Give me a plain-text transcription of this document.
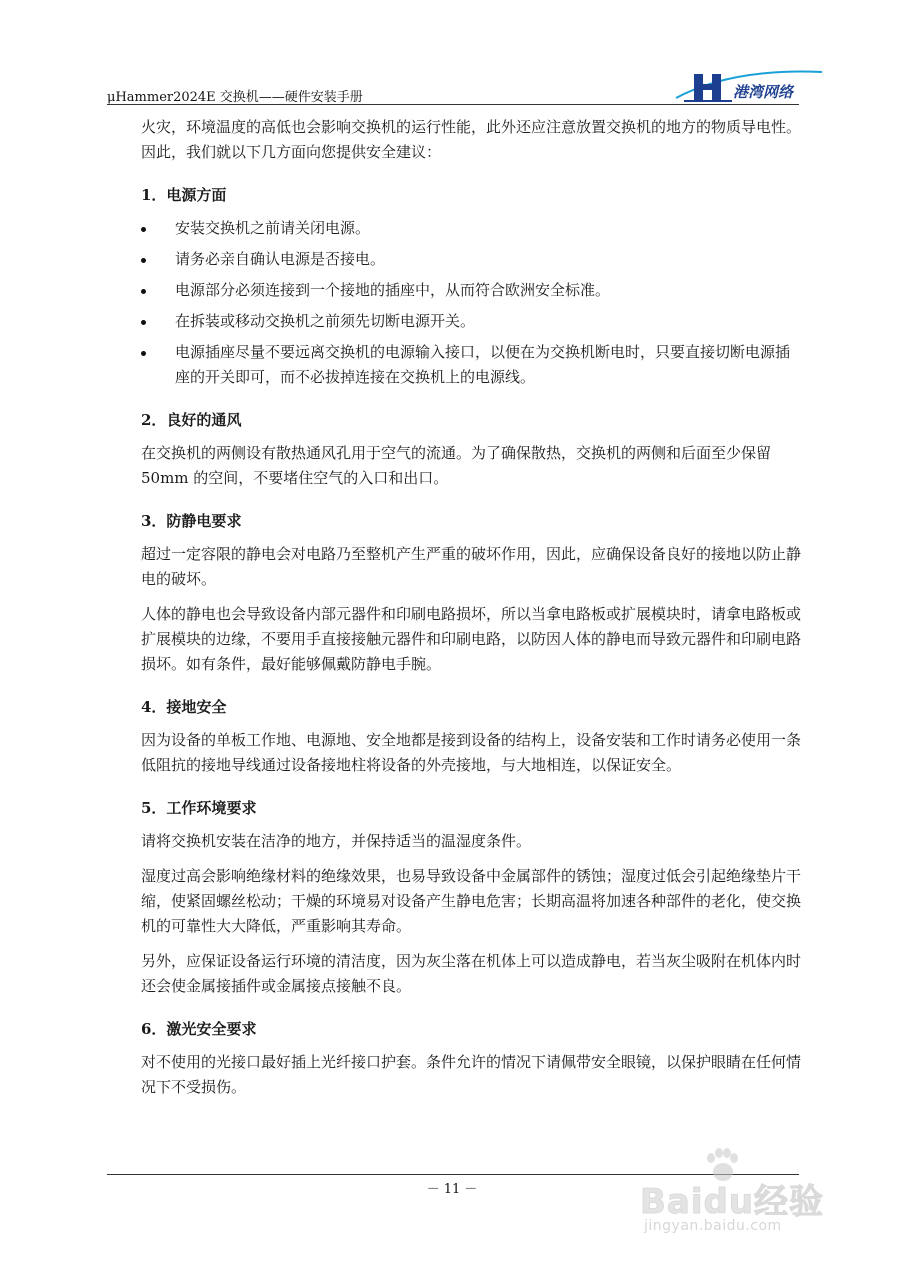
μHammer2024E 交换机——硬件安装手册	港湾网络

火灾，环境温度的高低也会影响交换机的运行性能，此外还应注意放置交换机的地方的物质导电性。因此，我们就以下几方面向您提供安全建议：

1．电源方面

安装交换机之前请关闭电源。
请务必亲自确认电源是否接电。
电源部分必须连接到一个接地的插座中，从而符合欧洲安全标准。
在拆装或移动交换机之前须先切断电源开关。
电源插座尽量不要远离交换机的电源输入接口，以便在为交换机断电时，只要直接切断电源插座的开关即可，而不必拔掉连接在交换机上的电源线。

2．良好的通风

在交换机的两侧设有散热通风孔用于空气的流通。为了确保散热，交换机的两侧和后面至少保留 50mm 的空间，不要堵住空气的入口和出口。

3．防静电要求

超过一定容限的静电会对电路乃至整机产生严重的破坏作用，因此，应确保设备良好的接地以防止静电的破坏。

人体的静电也会导致设备内部元器件和印刷电路损坏，所以当拿电路板或扩展模块时，请拿电路板或扩展模块的边缘，不要用手直接接触元器件和印刷电路，以防因人体的静电而导致元器件和印刷电路损坏。如有条件，最好能够佩戴防静电手腕。

4．接地安全

因为设备的单板工作地、电源地、安全地都是接到设备的结构上，设备安装和工作时请务必使用一条低阻抗的接地导线通过设备接地柱将设备的外壳接地，与大地相连，以保证安全。

5．工作环境要求

请将交换机安装在洁净的地方，并保持适当的温湿度条件。

湿度过高会影响绝缘材料的绝缘效果，也易导致设备中金属部件的锈蚀；湿度过低会引起绝缘垫片干缩，使紧固螺丝松动；干燥的环境易对设备产生静电危害；长期高温将加速各种部件的老化，使交换机的可靠性大大降低，严重影响其寿命。

另外，应保证设备运行环境的清洁度，因为灰尘落在机体上可以造成静电，若当灰尘吸附在机体内时还会使金属接插件或金属接点接触不良。

6．激光安全要求

对不使用的光接口最好插上光纤接口护套。条件允许的情况下请佩带安全眼镜，以保护眼睛在任何情况下不受损伤。

－ 11 －	Baidu经验
jingyan.baidu.com
